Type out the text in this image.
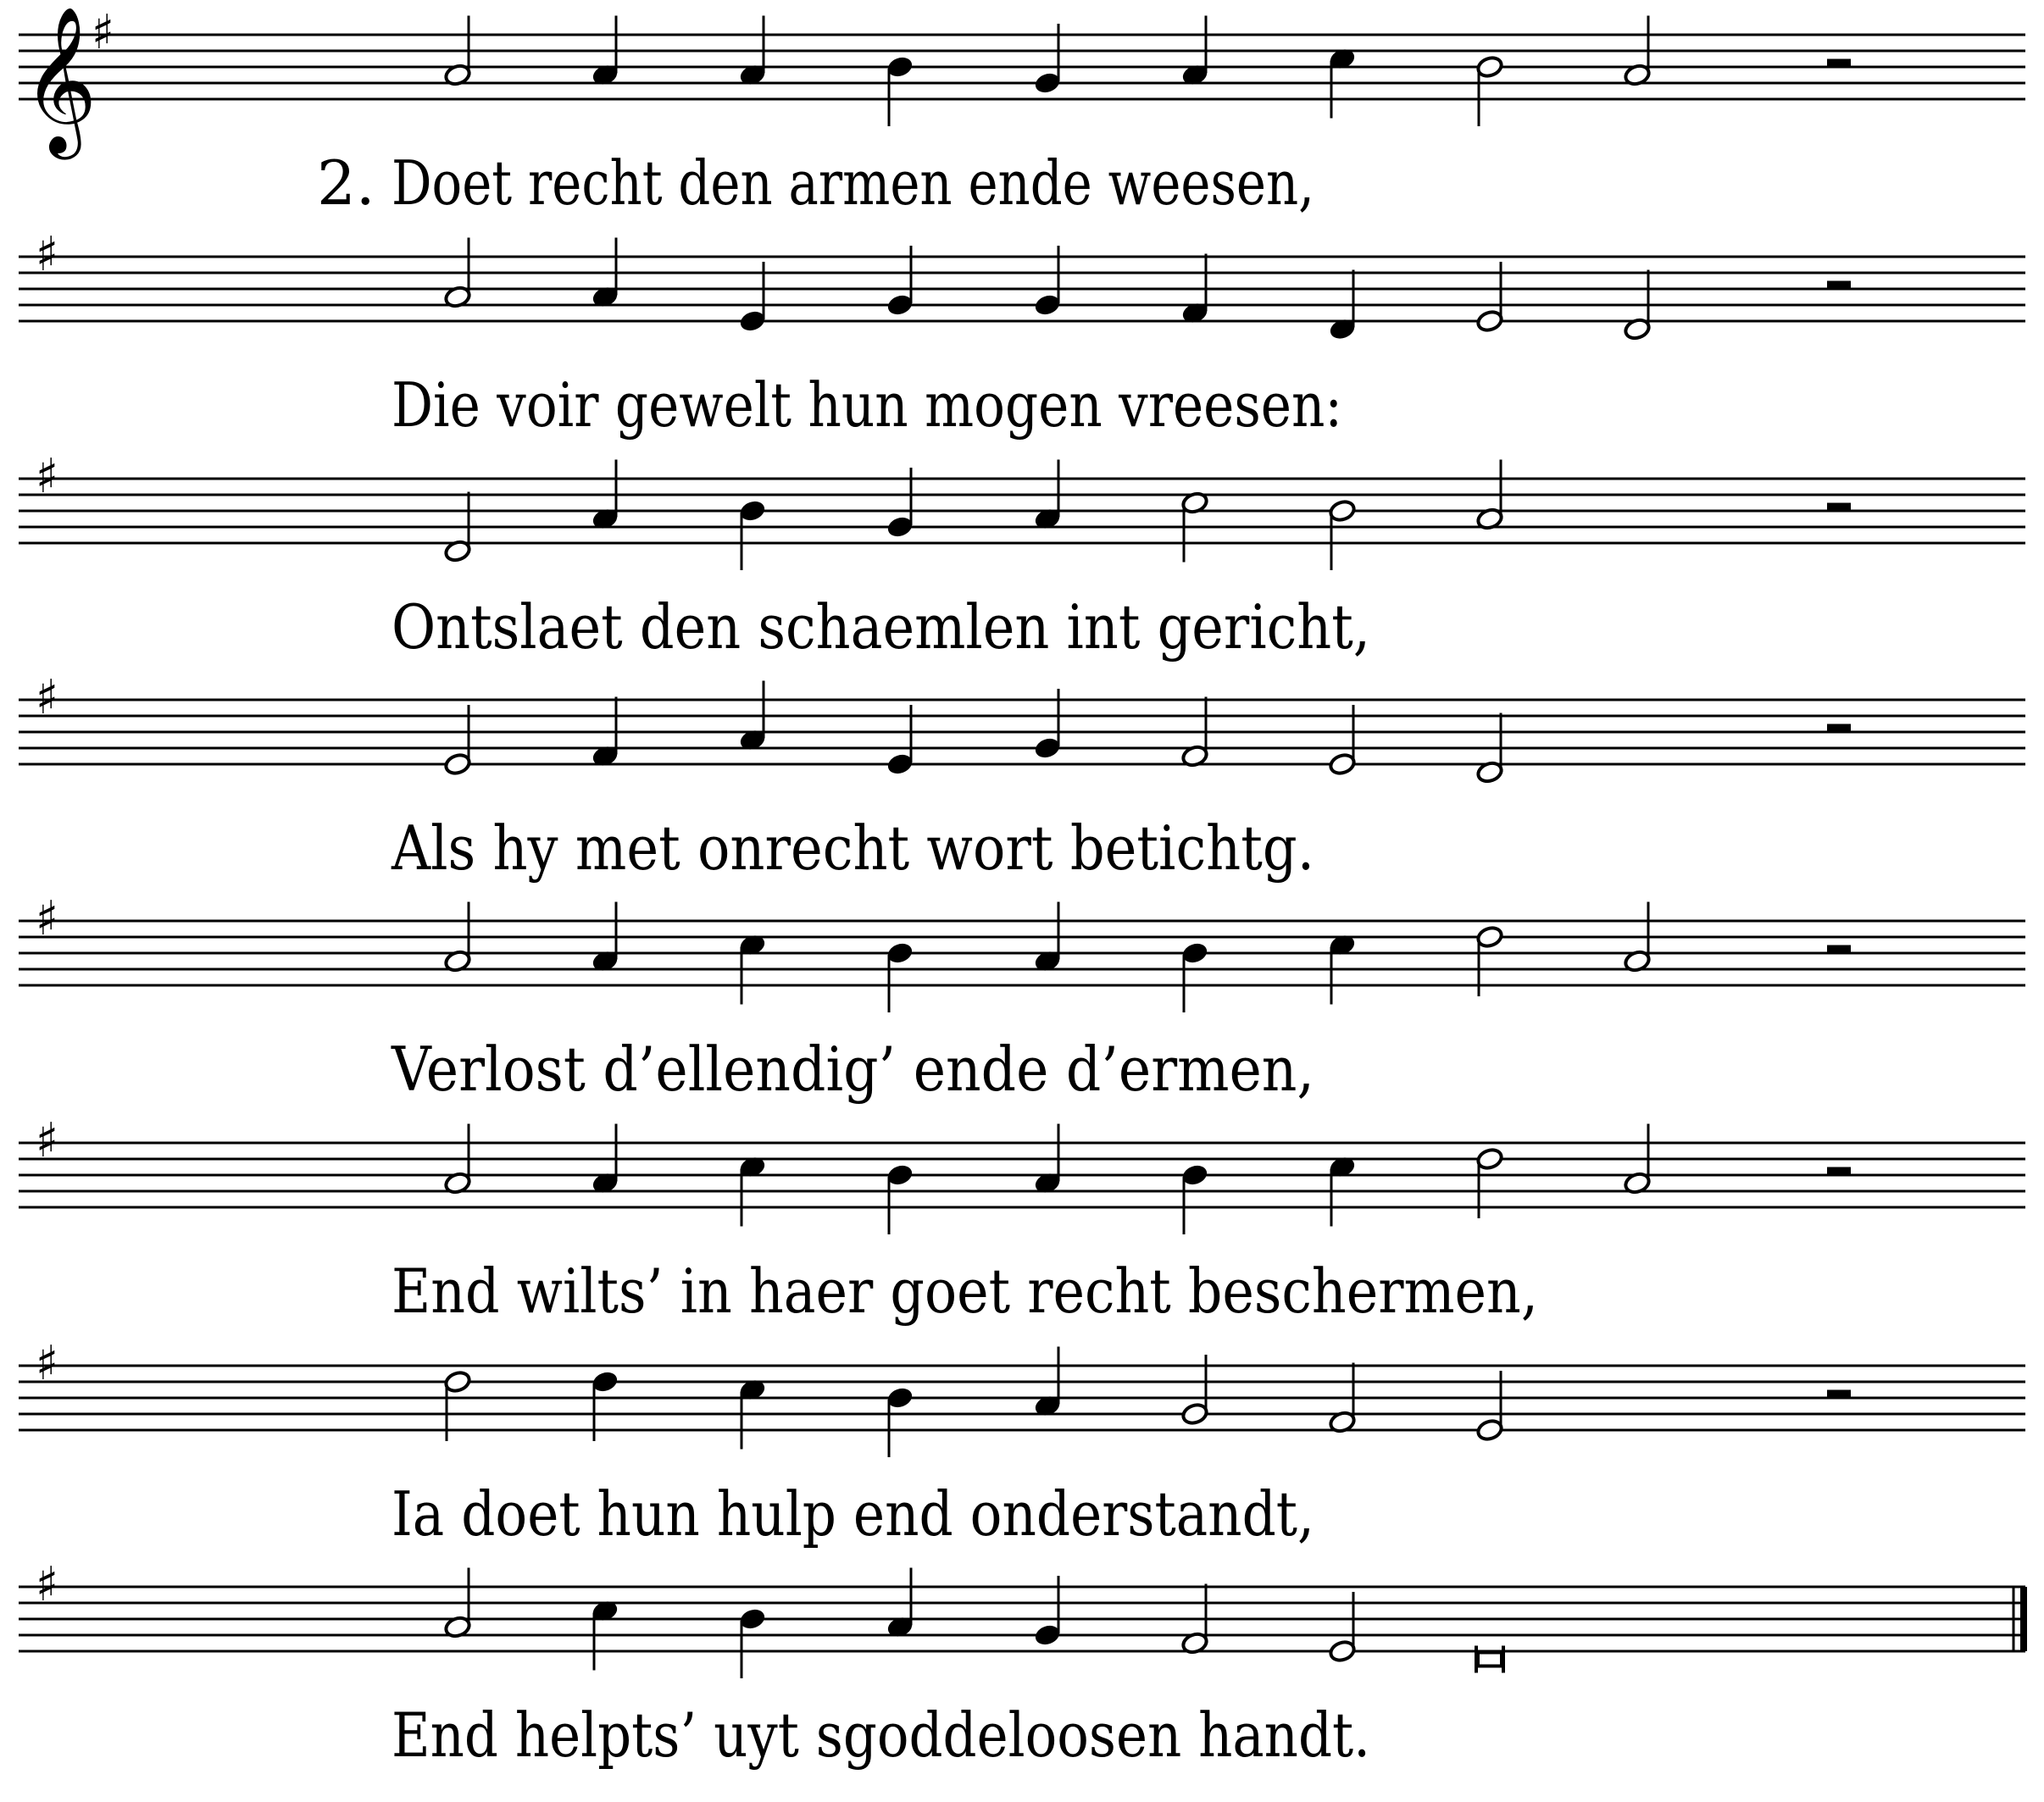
𝄞
♯
2. Doet recht den armen ende weesen,
♯
Die voir gewelt hun mogen vreesen:
♯
Ontslaet den schaemlen int gericht,
♯
Als hy met onrecht wort betichtg.
♯
Verlost d’ellendig’ ende d’ermen,
♯
End wilts’ in haer goet recht beschermen,
♯
Ia doet hun hulp end onderstandt,
♯
End helpts’ uyt sgoddeloosen handt.
